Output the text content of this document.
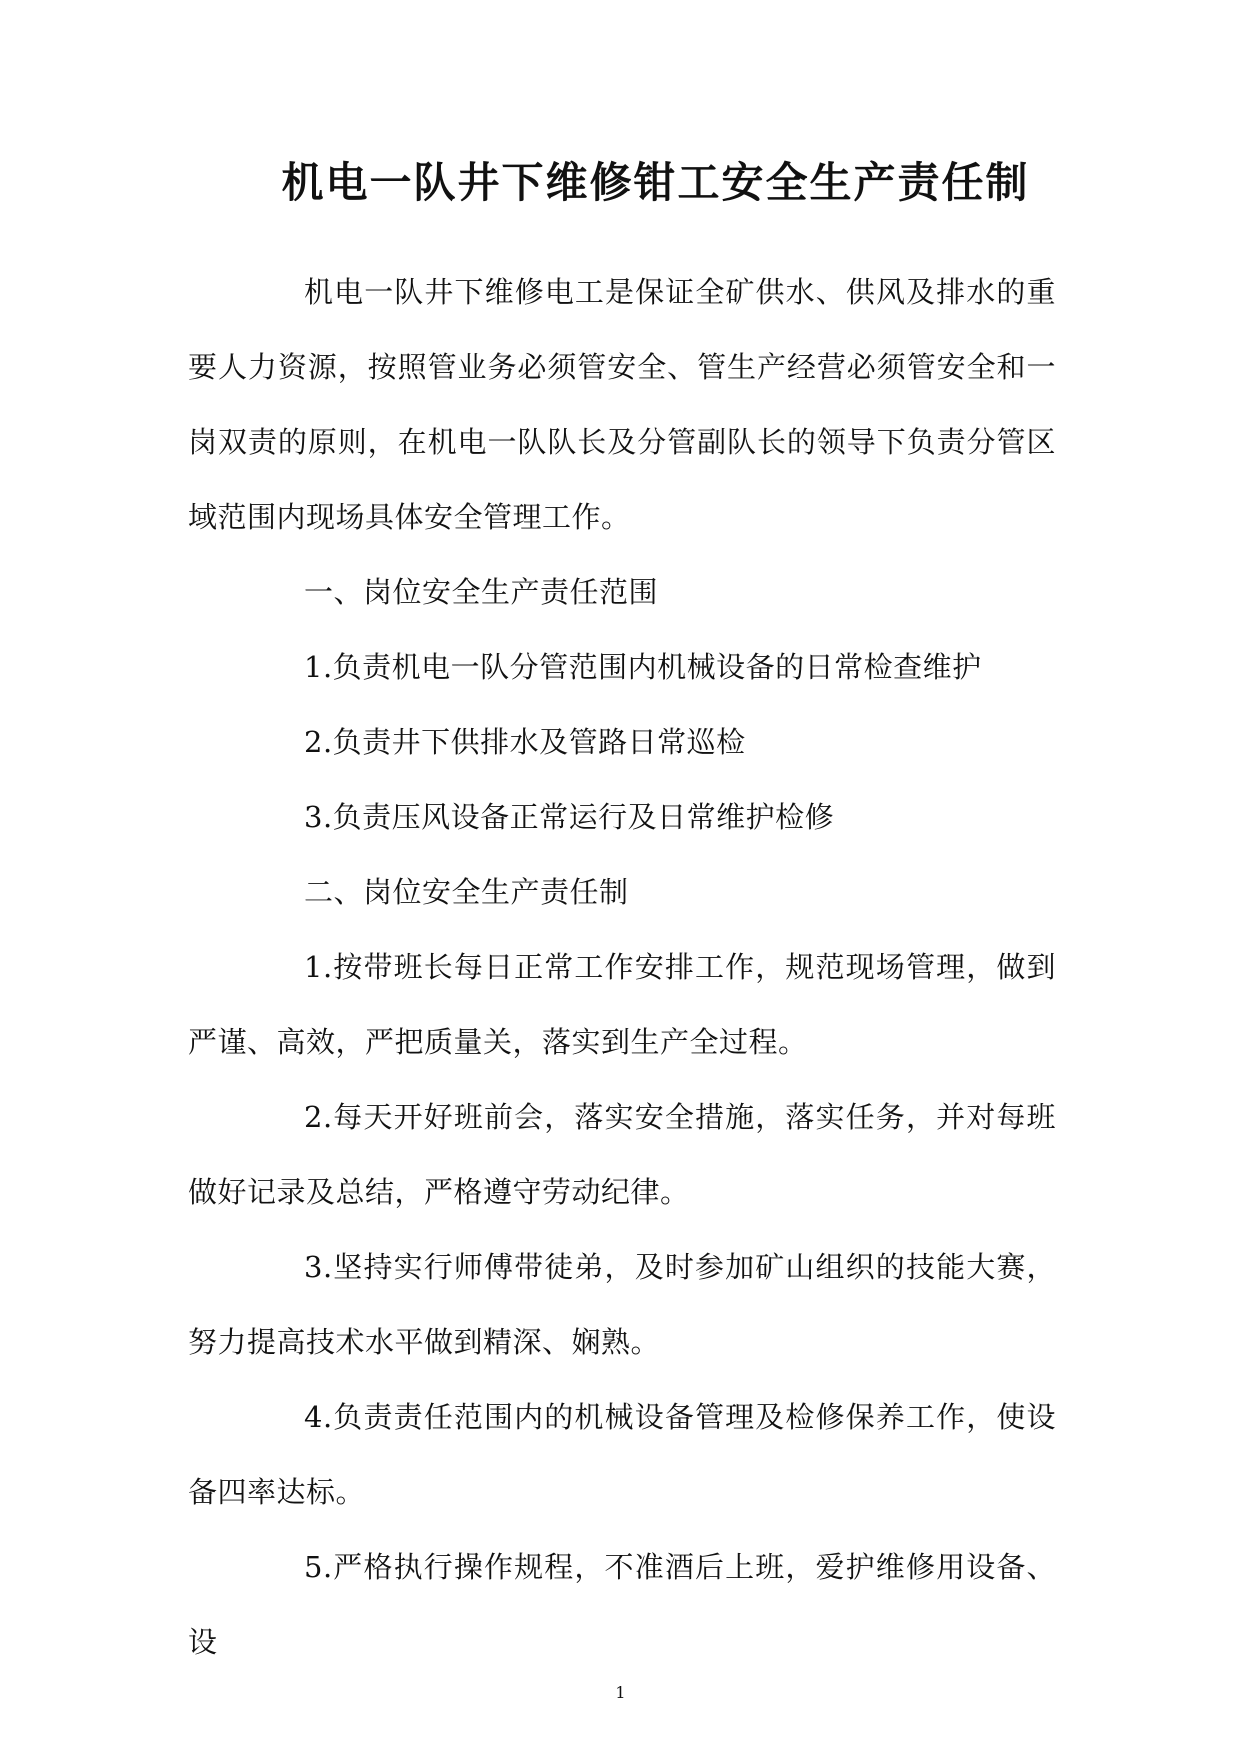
机电一队井下维修钳工安全生产责任制

机电一队井下维修电工是保证全矿供水、供风及排水的重要人力资源，按照管业务必须管安全、管生产经营必须管安全和一岗双责的原则，在机电一队队长及分管副队长的领导下负责分管区域范围内现场具体安全管理工作。

一、岗位安全生产责任范围

1.负责机电一队分管范围内机械设备的日常检查维护

2.负责井下供排水及管路日常巡检

3.负责压风设备正常运行及日常维护检修

二、岗位安全生产责任制

1.按带班长每日正常工作安排工作，规范现场管理，做到严谨、高效，严把质量关，落实到生产全过程。

2.每天开好班前会，落实安全措施，落实任务，并对每班做好记录及总结，严格遵守劳动纪律。

3.坚持实行师傅带徒弟，及时参加矿山组织的技能大赛，努力提高技术水平做到精深、娴熟。

4.负责责任范围内的机械设备管理及检修保养工作，使设备四率达标。

5.严格执行操作规程，不准酒后上班，爱护维修用设备、设

1
